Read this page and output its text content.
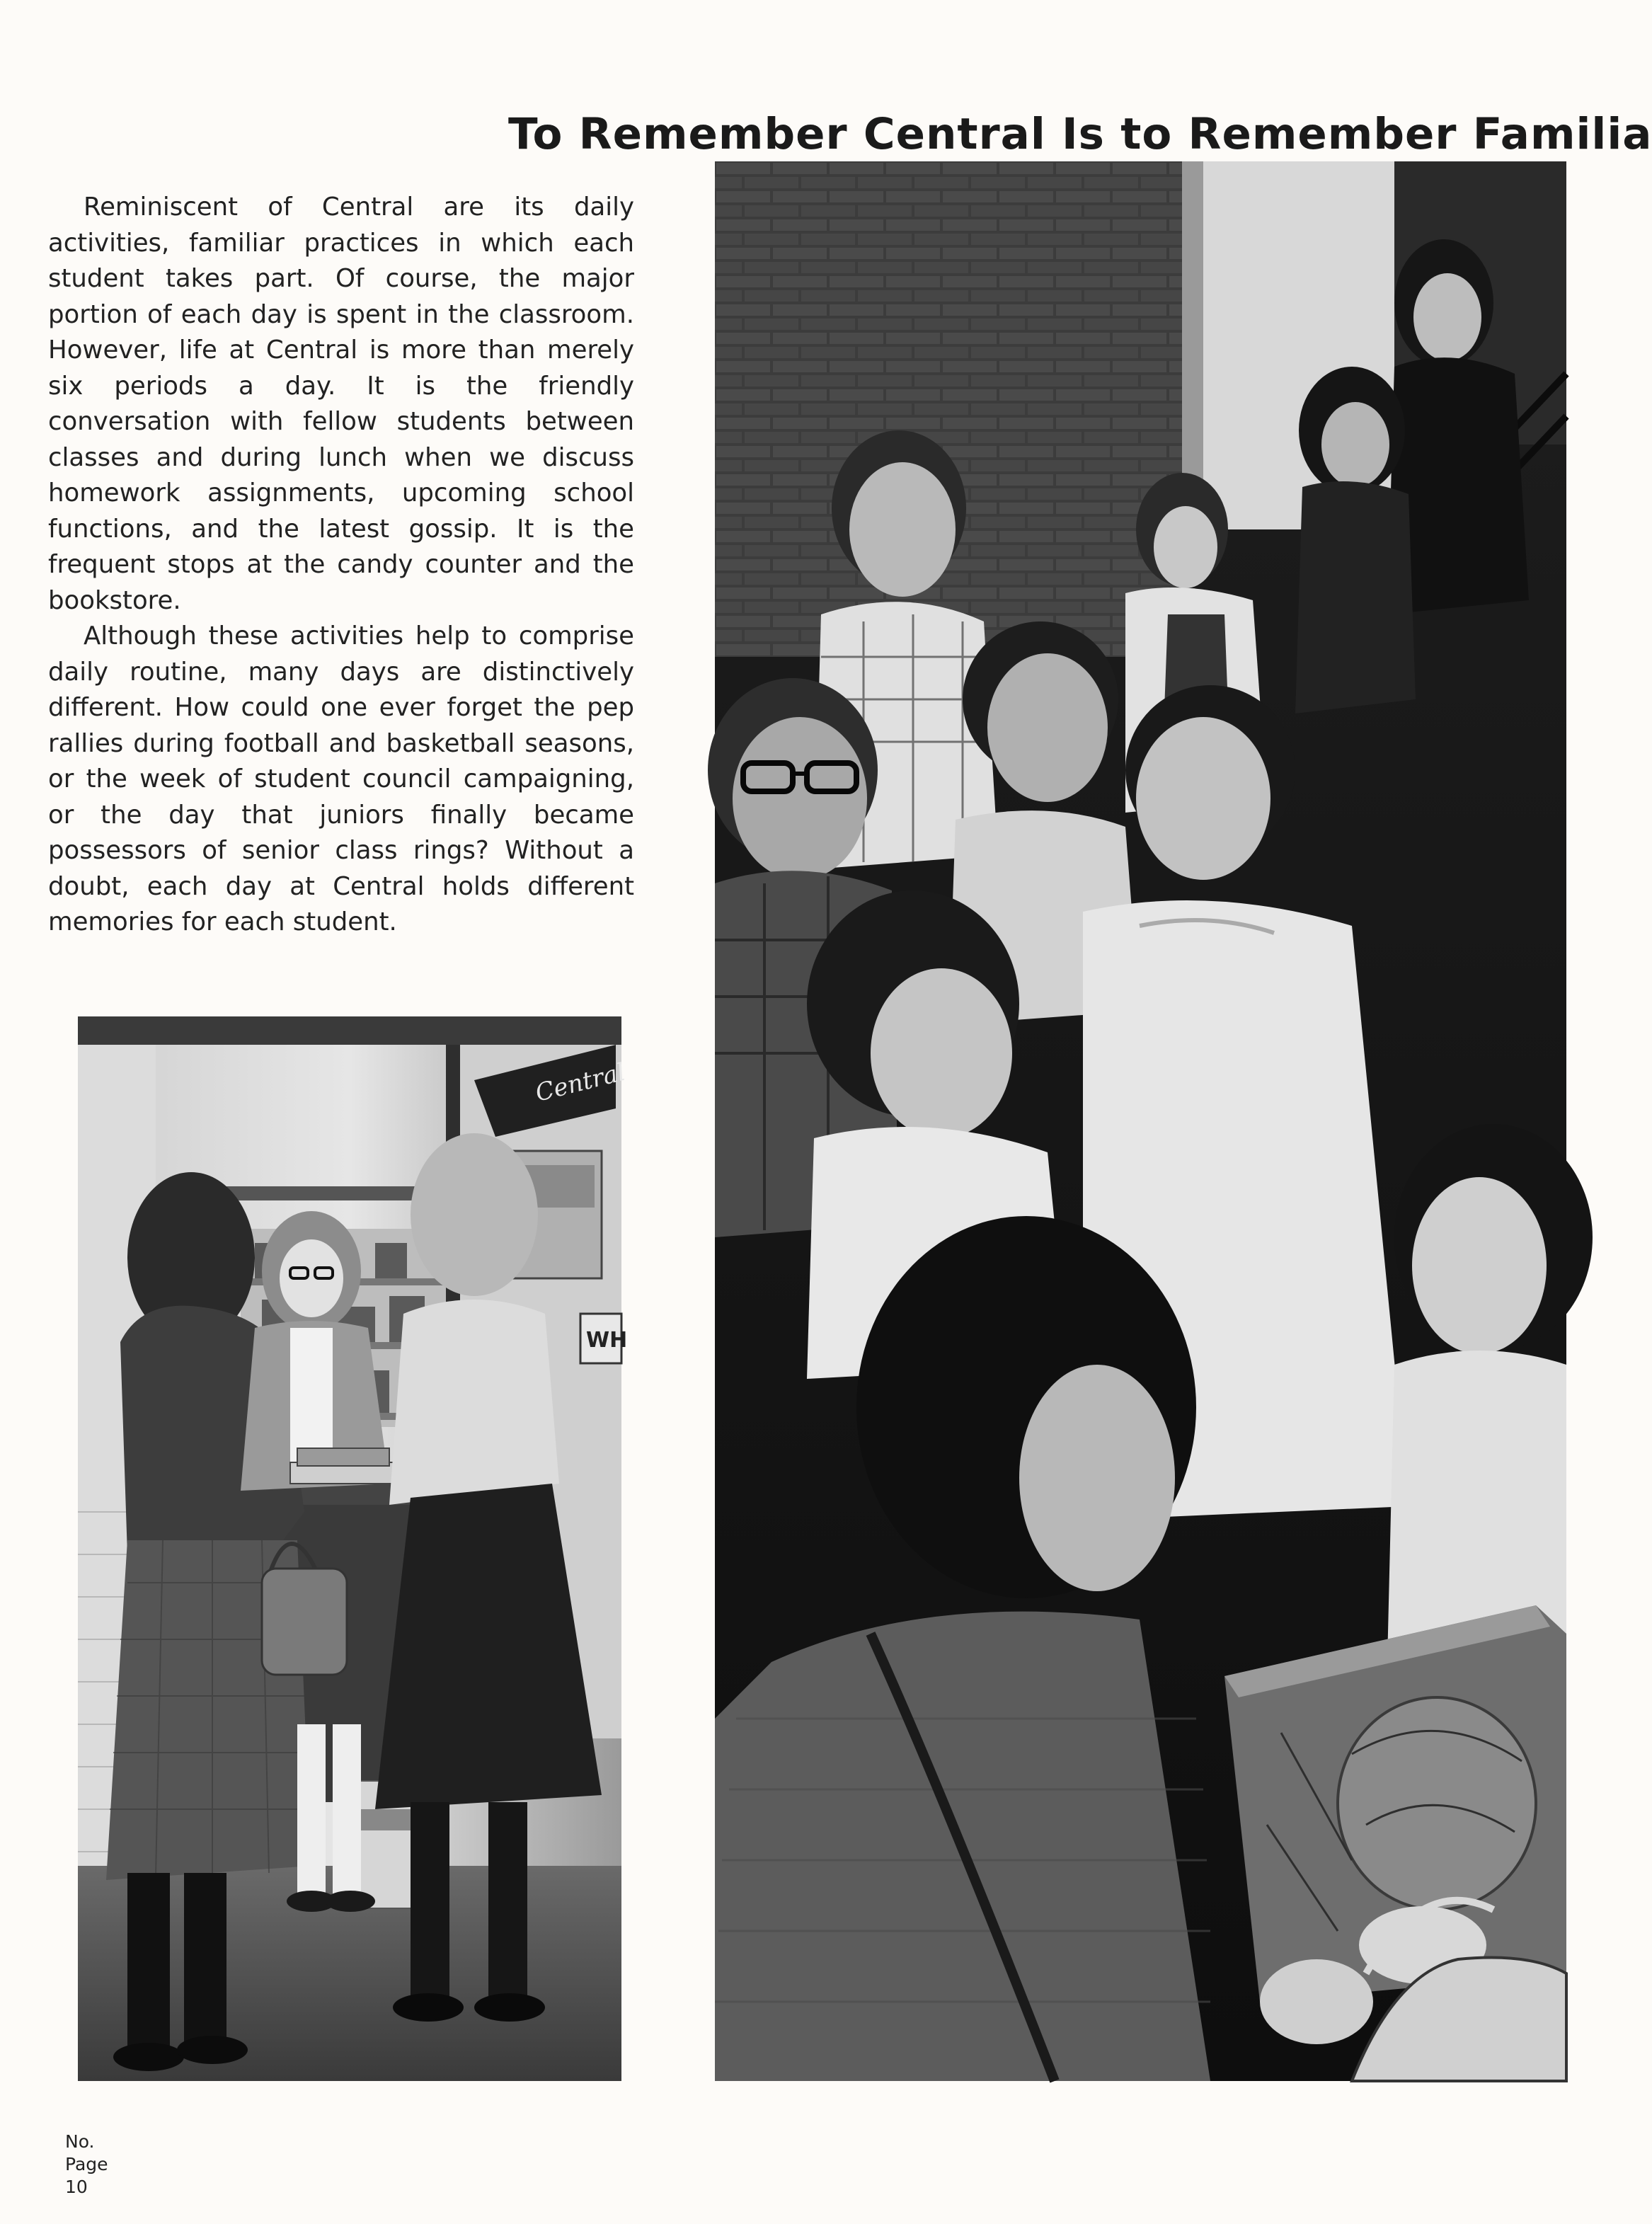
To Remember Central Is to Remember Familia

Reminiscent of Central are its daily activities, familiar practices in which each student takes part. Of course, the major portion of each day is spent in the classroom. However, life at Central is more than merely six periods a day. It is the friendly conversation with fellow students between classes and during lunch when we discuss homework assignments, upcoming school functions, and the latest gossip. It is the frequent stops at the candy counter and the bookstore.

Although these activities help to comprise daily routine, many days are distinctively different. How could one ever forget the pep rallies during football and basketball seasons, or the week of student council campaigning, or the day that juniors finally became possessors of senior class rings? Without a doubt, each day at Central holds different memories for each student.

Central
WH
No.
Page
10
